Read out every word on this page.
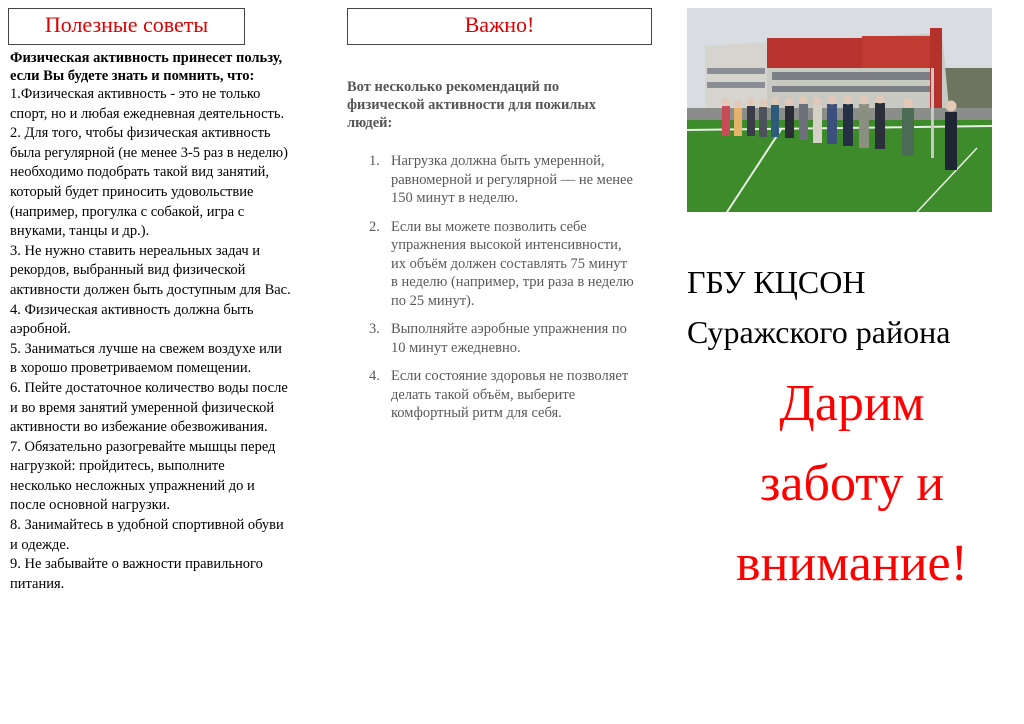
Полезные советы
Физическая активность принесет пользу,
если Вы будете знать и помнить, что:
1.Физическая активность - это не только
спорт, но и любая ежедневная деятельность.
2. Для того, чтобы физическая активность
была регулярной (не менее 3-5 раз в неделю)
необходимо подобрать такой вид занятий,
который будет приносить удовольствие
(например, прогулка с собакой, игра с
внуками, танцы и др.).
3. Не нужно ставить нереальных задач и
рекордов, выбранный вид физической
активности должен быть доступным для Вас.
4. Физическая активность должна быть
аэробной.
5. Заниматься лучше на свежем воздухе или
в хорошо проветриваемом помещении.
6. Пейте достаточное количество воды после
и во время занятий умеренной физической
активности во избежание обезвоживания.
7. Обязательно разогревайте мышцы перед
нагрузкой: пройдитесь, выполните
несколько несложных упражнений до и
после основной нагрузки.
8. Занимайтесь в удобной спортивной обуви
и одежде.
9. Не забывайте о важности правильного
питания.
Важно!
Вот несколько рекомендаций по
физической активности для пожилых
людей:
1. Нагрузка должна быть умеренной,
равномерной и регулярной — не менее
150 минут в неделю.
2. Если вы можете позволить себе
упражнения высокой интенсивности,
их объём должен составлять 75 минут
в неделю (например, три раза в неделю
по 25 минут).
3. Выполняйте аэробные упражнения по
10 минут ежедневно.
4. Если состояние здоровья не позволяет
делать такой объём, выберите
комфортный ритм для себя.
ГБУ КЦСОН
Суражского района
Дарим
заботу и
внимание!
